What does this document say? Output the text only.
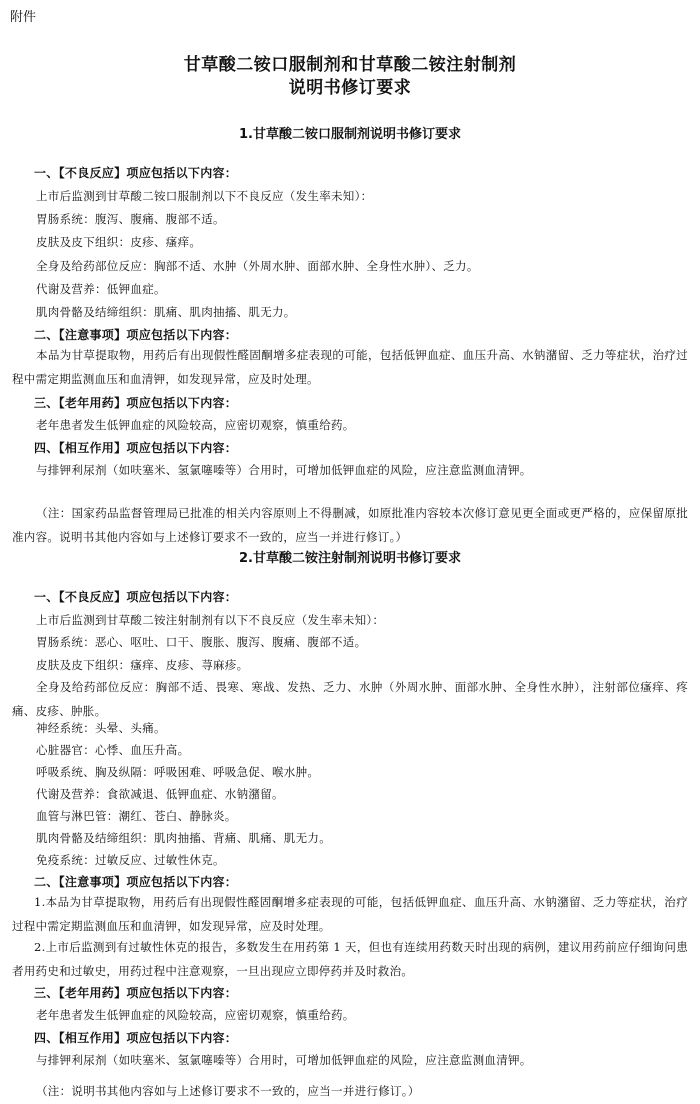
附件
甘草酸二铵口服制剂和甘草酸二铵注射制剂
说明书修订要求
1.甘草酸二铵口服制剂说明书修订要求
一、【不良反应】项应包括以下内容：
上市后监测到甘草酸二铵口服制剂以下不良反应（发生率未知）：
胃肠系统：腹泻、腹痛、腹部不适。
皮肤及皮下组织：皮疹、瘙痒。
全身及给药部位反应：胸部不适、水肿（外周水肿、面部水肿、全身性水肿）、乏力。
代谢及营养：低钾血症。
肌肉骨骼及结缔组织：肌痛、肌肉抽搐、肌无力。
二、【注意事项】项应包括以下内容：
本品为甘草提取物，用药后有出现假性醛固酮增多症表现的可能，包括低钾血症、血压升高、水钠潴留、乏力等症状，治疗过程中需定期监测血压和血清钾，如发现异常，应及时处理。
三、【老年用药】项应包括以下内容：
老年患者发生低钾血症的风险较高，应密切观察，慎重给药。
四、【相互作用】项应包括以下内容：
与排钾利尿剂（如呋塞米、氢氯噻嗪等）合用时，可增加低钾血症的风险，应注意监测血清钾。
（注：国家药品监督管理局已批准的相关内容原则上不得删减，如原批准内容较本次修订意见更全面或更严格的，应保留原批准内容。说明书其他内容如与上述修订要求不一致的，应当一并进行修订。）
2.甘草酸二铵注射制剂说明书修订要求
一、【不良反应】项应包括以下内容：
上市后监测到甘草酸二铵注射制剂有以下不良反应（发生率未知）：
胃肠系统：恶心、呕吐、口干、腹胀、腹泻、腹痛、腹部不适。
皮肤及皮下组织：瘙痒、皮疹、荨麻疹。
全身及给药部位反应：胸部不适、畏寒、寒战、发热、乏力、水肿（外周水肿、面部水肿、全身性水肿），注射部位瘙痒、疼痛、皮疹、肿胀。
神经系统：头晕、头痛。
心脏器官：心悸、血压升高。
呼吸系统、胸及纵隔：呼吸困难、呼吸急促、喉水肿。
代谢及营养：食欲减退、低钾血症、水钠潴留。
血管与淋巴管：潮红、苍白、静脉炎。
肌肉骨骼及结缔组织：肌肉抽搐、背痛、肌痛、肌无力。
免疫系统：过敏反应、过敏性休克。
二、【注意事项】项应包括以下内容：
1.本品为甘草提取物，用药后有出现假性醛固酮增多症表现的可能，包括低钾血症、血压升高、水钠潴留、乏力等症状，治疗过程中需定期监测血压和血清钾，如发现异常，应及时处理。
2.上市后监测到有过敏性休克的报告，多数发生在用药第 1 天，但也有连续用药数天时出现的病例，建议用药前应仔细询问患者用药史和过敏史，用药过程中注意观察，一旦出现应立即停药并及时救治。
三、【老年用药】项应包括以下内容：
老年患者发生低钾血症的风险较高，应密切观察，慎重给药。
四、【相互作用】项应包括以下内容：
与排钾利尿剂（如呋塞米、氢氯噻嗪等）合用时，可增加低钾血症的风险，应注意监测血清钾。
（注：说明书其他内容如与上述修订要求不一致的，应当一并进行修订。）
